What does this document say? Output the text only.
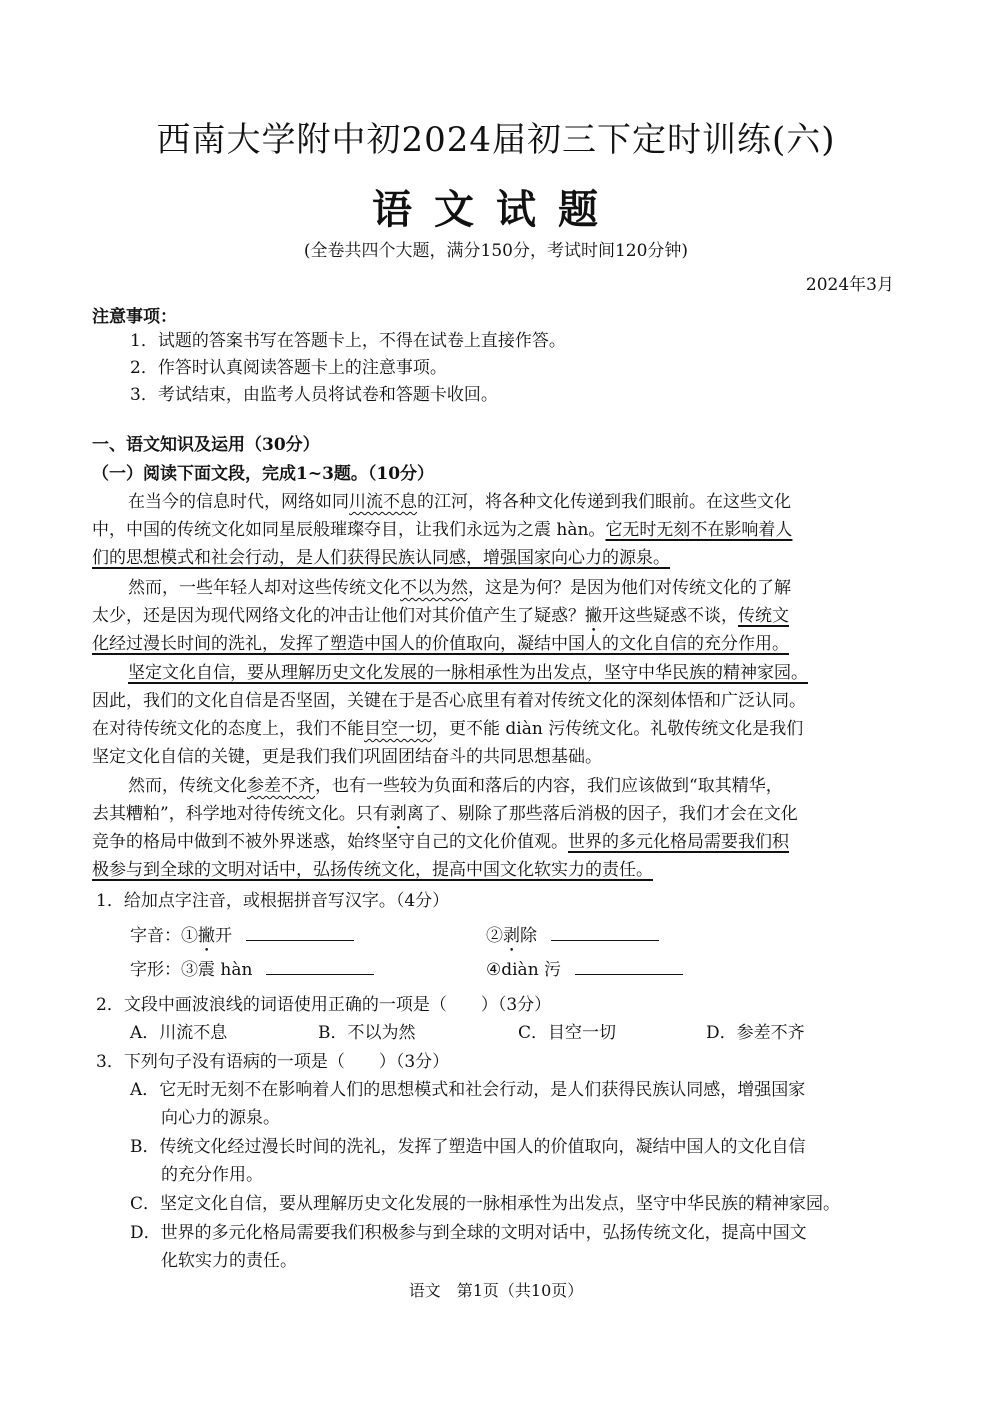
西南大学附中初2024届初三下定时训练(六)
语文试题
(全卷共四个大题，满分150分，考试时间120分钟)
2024年3月
注意事项：
1．试题的答案书写在答题卡上，不得在试卷上直接作答。
2．作答时认真阅读答题卡上的注意事项。
3．考试结束，由监考人员将试卷和答题卡收回。
一、语文知识及运用（30分）
（一）阅读下面文段，完成1~3题。（10分）
在当今的信息时代，网络如同川流不息的江河，将各种文化传递到我们眼前。在这些文化
中，中国的传统文化如同星辰般璀璨夺目，让我们永远为之震 hàn。它无时无刻不在影响着人
们的思想模式和社会行动，是人们获得民族认同感，增强国家向心力的源泉。
然而，一些年轻人却对这些传统文化不以为然，这是为何？是因为他们对传统文化的了解
太少，还是因为现代网络文化的冲击让他们对其价值产生了疑惑？撇开这些疑惑不谈，传统文
化经过漫长时间的洗礼，发挥了塑造中国人的价值取向，凝结中国人的文化自信的充分作用。
坚定文化自信，要从理解历史文化发展的一脉相承性为出发点，坚守中华民族的精神家园。
因此，我们的文化自信是否坚固，关键在于是否心底里有着对传统文化的深刻体悟和广泛认同。
在对待传统文化的态度上，我们不能目空一切，更不能 diàn 污传统文化。礼敬传统文化是我们
坚定文化自信的关键，更是我们我们巩固团结奋斗的共同思想基础。
然而，传统文化参差不齐，也有一些较为负面和落后的内容，我们应该做到“取其精华，
去其糟粕”，科学地对待传统文化。只有剥离了、剔除了那些落后消极的因子，我们才会在文化
竞争的格局中做到不被外界迷惑，始终坚守自己的文化价值观。世界的多元化格局需要我们积
极参与到全球的文明对话中，弘扬传统文化，提高中国文化软实力的责任。
1．给加点字注音，或根据拼音写汉字。（4分）
字音：①撇开	②剥除
字形：③震 hàn	④diàn 污
2．文段中画波浪线的词语使用正确的一项是（　　）（3分）
A．川流不息	B．不以为然	C．目空一切	D．参差不齐
3．下列句子没有语病的一项是（　　）（3分）
A．它无时无刻不在影响着人们的思想模式和社会行动，是人们获得民族认同感，增强国家
向心力的源泉。
B．传统文化经过漫长时间的洗礼，发挥了塑造中国人的价值取向，凝结中国人的文化自信
的充分作用。
C．坚定文化自信，要从理解历史文化发展的一脉相承性为出发点，坚守中华民族的精神家园。
D．世界的多元化格局需要我们积极参与到全球的文明对话中，弘扬传统文化，提高中国文
化软实力的责任。
语文　第1页（共10页）
